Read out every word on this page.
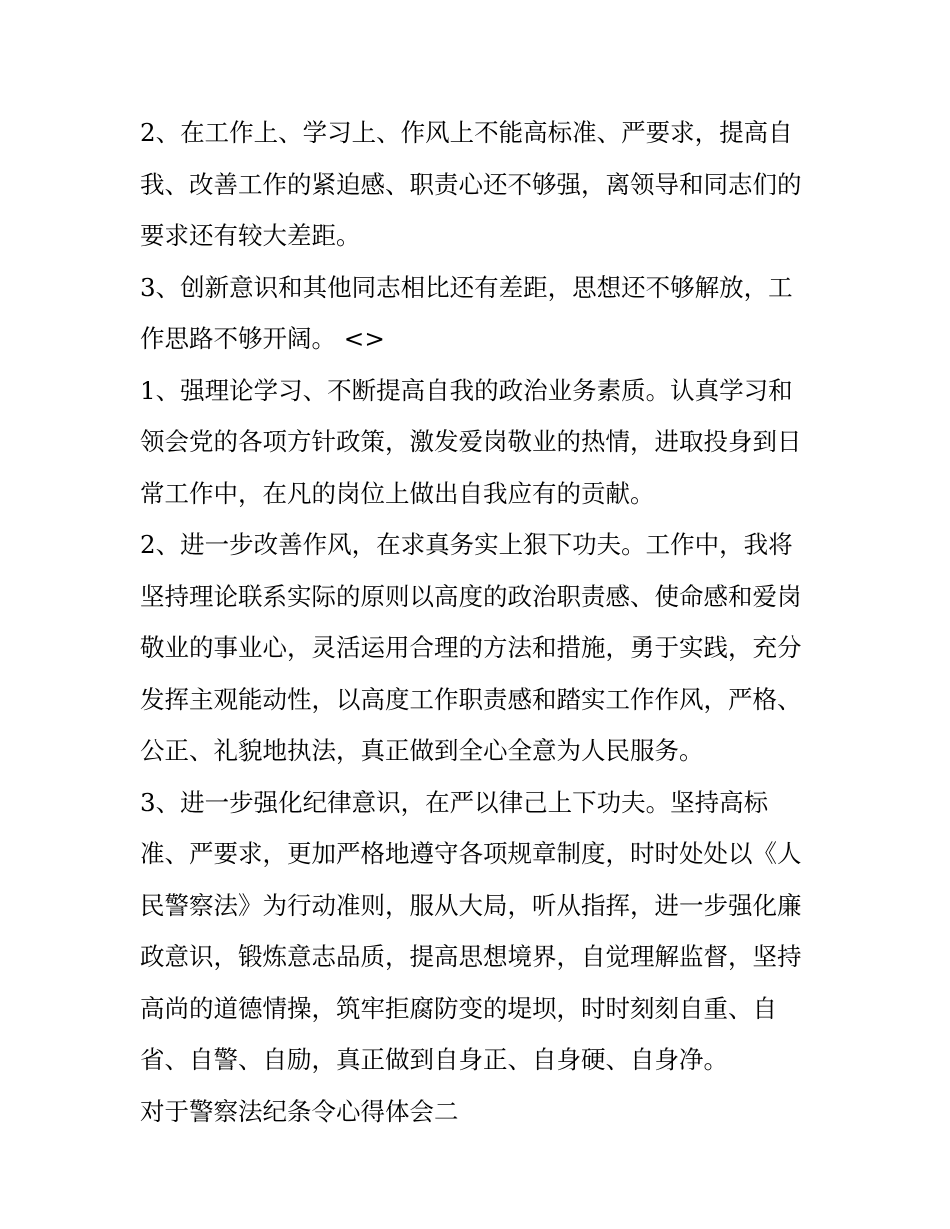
2、在工作上、学习上、作风上不能高标准、严要求，提高自
我、改善工作的紧迫感、职责心还不够强，离领导和同志们的
要求还有较大差距。
3、创新意识和其他同志相比还有差距，思想还不够解放，工
作思路不够开阔。 <>
1、强理论学习、不断提高自我的政治业务素质。认真学习和
领会党的各项方针政策，激发爱岗敬业的热情，进取投身到日
常工作中，在凡的岗位上做出自我应有的贡献。
2、进一步改善作风，在求真务实上狠下功夫。工作中，我将
坚持理论联系实际的原则以高度的政治职责感、使命感和爱岗
敬业的事业心，灵活运用合理的方法和措施，勇于实践，充分
发挥主观能动性，以高度工作职责感和踏实工作作风，严格、
公正、礼貌地执法，真正做到全心全意为人民服务。
3、进一步强化纪律意识，在严以律己上下功夫。坚持高标
准、严要求，更加严格地遵守各项规章制度，时时处处以《人
民警察法》为行动准则，服从大局，听从指挥，进一步强化廉
政意识，锻炼意志品质，提高思想境界，自觉理解监督，坚持
高尚的道德情操，筑牢拒腐防变的堤坝，时时刻刻自重、自
省、自警、自励，真正做到自身正、自身硬、自身净。
对于警察法纪条令心得体会二
